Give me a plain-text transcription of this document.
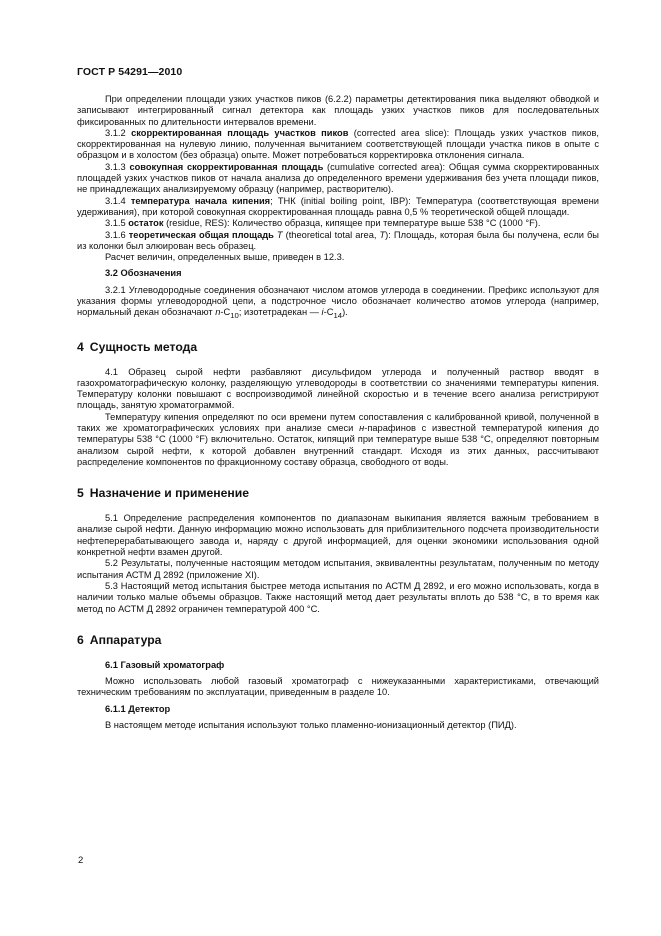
ГОСТ Р 54291—2010

При определении площади узких участков пиков (6.2.2) параметры детектирования пика выделяют обводкой и записывают интегрированный сигнал детектора как площадь узких участков пиков для последовательных фиксированных по длительности интервалов времени.

3.1.2 скорректированная площадь участков пиков (corrected area slice): Площадь узких участков пиков, скорректированная на нулевую линию, полученная вычитанием соответствующей площади участка пиков в опыте с образцом и в холостом (без образца) опыте. Может потребоваться корректировка отклонения сигнала.

3.1.3 совокупная скорректированная площадь (cumulative corrected area): Общая сумма скорректированных площадей узких участков пиков от начала анализа до определенного времени удерживания без учета площади пиков, не принадлежащих анализируемому образцу (например, растворителю).

3.1.4 температура начала кипения; ТНК (initial boiling point, IBP): Температура (соответствующая времени удерживания), при которой совокупная скорректированная площадь равна 0,5 % теоретической общей площади.

3.1.5 остаток (residue, RES): Количество образца, кипящее при температуре выше 538 °C (1000 °F).

3.1.6 теоретическая общая площадь T (theoretical total area, T): Площадь, которая была бы получена, если бы из колонки был элюирован весь образец.

Расчет величин, определенных выше, приведен в 12.3.

3.2 Обозначения

3.2.1 Углеводородные соединения обозначают числом атомов углерода в соединении. Префикс используют для указания формы углеводородной цепи, а подстрочное число обозначает количество атомов углерода (например, нормальный декан обозначают $n-C_{10}$; изотетрадекан — $i-C_{14}$).

4 Сущность метода

4.1 Образец сырой нефти разбавляют дисульфидом углерода и полученный раствор вводят в газохроматографическую колонку, разделяющую углеводороды в соответствии со значениями температуры кипения. Температуру колонки повышают с воспроизводимой линейной скоростью и в течение всего анализа регистрируют площадь, занятую хроматограммой.

Температуру кипения определяют по оси времени путем сопоставления с калиброванной кривой, полученной в таких же хроматографических условиях при анализе смеси н-парафинов с известной температурой кипения до температуры 538 °C (1000 °F) включительно. Остаток, кипящий при температуре выше 538 °C, определяют повторным анализом сырой нефти, к которой добавлен внутренний стандарт. Исходя из этих данных, рассчитывают распределение компонентов по фракционному составу образца, свободного от воды.

5 Назначение и применение

5.1 Определение распределения компонентов по диапазонам выкипания является важным требованием в анализе сырой нефти. Данную информацию можно использовать для приблизительного подсчета производительности нефтеперерабатывающего завода и, наряду с другой информацией, для оценки экономики использования одной конкретной нефти взамен другой.

5.2 Результаты, полученные настоящим методом испытания, эквивалентны результатам, полученным по методу испытания АСТМ Д 2892 (приложение XI).

5.3 Настоящий метод испытания быстрее метода испытания по АСТМ Д 2892, и его можно использовать, когда в наличии только малые объемы образцов. Также настоящий метод дает результаты вплоть до 538 °C, в то время как метод по АСТМ Д 2892 ограничен температурой 400 °C.

6 Аппаратура

6.1 Газовый хроматограф

Можно использовать любой газовый хроматограф с нижеуказанными характеристиками, отвечающий техническим требованиям по эксплуатации, приведенным в разделе 10.

6.1.1 Детектор

В настоящем методе испытания используют только пламенно-ионизационный детектор (ПИД).

2
